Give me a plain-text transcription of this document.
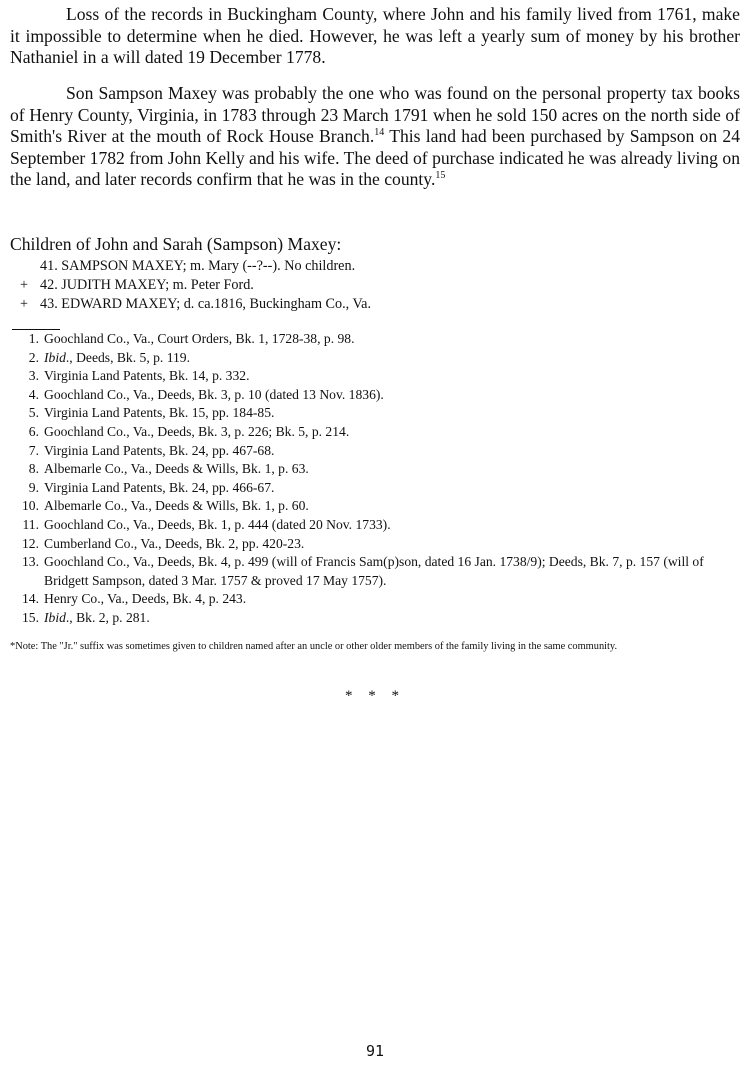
Loss of the records in Buckingham County, where John and his family lived from 1761, make it impossible to determine when he died. However, he was left a yearly sum of money by his brother Nathaniel in a will dated 19 December 1778.

Son Sampson Maxey was probably the one who was found on the personal property tax books of Henry County, Virginia, in 1783 through 23 March 1791 when he sold 150 acres on the north side of Smith's River at the mouth of Rock House Branch.$^{14}$ This land had been purchased by Sampson on 24 September 1782 from John Kelly and his wife. The deed of purchase indicated he was already living on the land, and later records confirm that he was in the county.$^{15}$

Children of John and Sarah (Sampson) Maxey:

41. SAMPSON MAXEY; m. Mary (--?--). No children.
+ 42. JUDITH MAXEY; m. Peter Ford.
+ 43. EDWARD MAXEY; d. ca.1816, Buckingham Co., Va.
1. Goochland Co., Va., Court Orders, Bk. 1, 1728-38, p. 98.
2. Ibid., Deeds, Bk. 5, p. 119.
3. Virginia Land Patents, Bk. 14, p. 332.
4. Goochland Co., Va., Deeds, Bk. 3, p. 10 (dated 13 Nov. 1836).
5. Virginia Land Patents, Bk. 15, pp. 184-85.
6. Goochland Co., Va., Deeds, Bk. 3, p. 226; Bk. 5, p. 214.
7. Virginia Land Patents, Bk. 24, pp. 467-68.
8. Albemarle Co., Va., Deeds & Wills, Bk. 1, p. 63.
9. Virginia Land Patents, Bk. 24, pp. 466-67.
10. Albemarle Co., Va., Deeds & Wills, Bk. 1, p. 60.
11. Goochland Co., Va., Deeds, Bk. 1, p. 444 (dated 20 Nov. 1733).
12. Cumberland Co., Va., Deeds, Bk. 2, pp. 420-23.
13. Goochland Co., Va., Deeds, Bk. 4, p. 499 (will of Francis Sam(p)son, dated 16 Jan. 1738/9); Deeds, Bk. 7, p. 157 (will of Bridgett Sampson, dated 3 Mar. 1757 & proved 17 May 1757).
14. Henry Co., Va., Deeds, Bk. 4, p. 243.
15. Ibid., Bk. 2, p. 281.

*Note: The "Jr." suffix was sometimes given to children named after an uncle or other older members of the family living in the same community.

* * *

91
